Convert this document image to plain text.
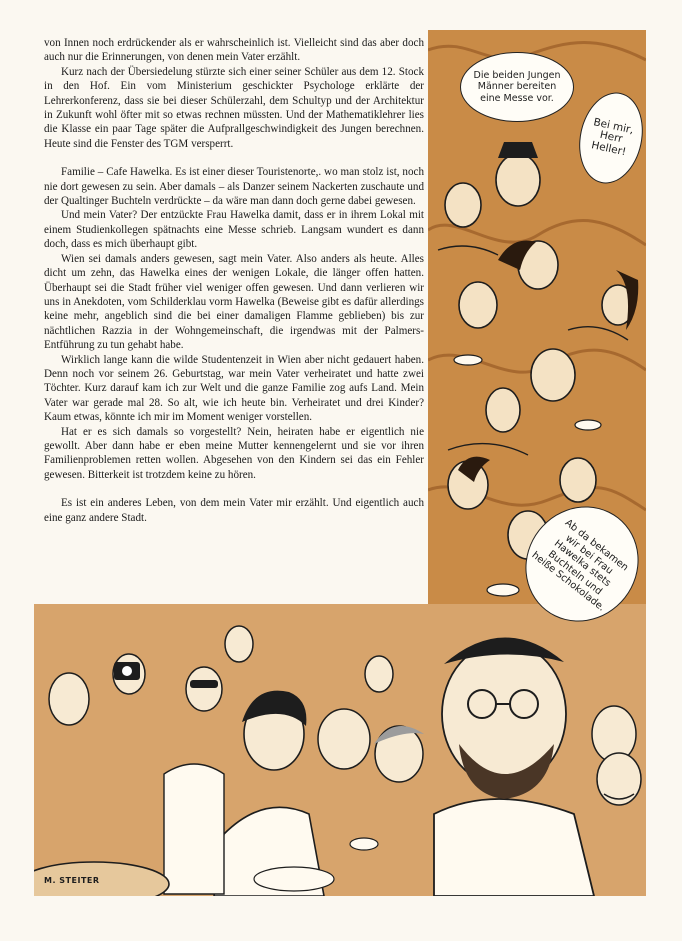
von Innen noch erdrückender als er wahrscheinlich ist. Vielleicht sind das aber doch auch nur die Erinnerungen, von denen mein Vater erzählt.

Kurz nach der Übersiedelung stürzte sich einer seiner Schüler aus dem 12. Stock in den Hof. Ein vom Ministerium geschickter Psychologe erklärte der Lehrerkonferenz, dass sie bei dieser Schülerzahl, dem Schultyp und der Architektur in Zukunft wohl öfter mit so etwas rechnen müssten. Und der Mathematiklehrer lies die Klasse ein paar Tage später die Aufprallgeschwindigkeit des Jungen berechnen. Heute sind die Fenster des TGM versperrt.

Familie – Cafe Hawelka. Es ist einer dieser Touristenorte,. wo man stolz ist, noch nie dort gewesen zu sein. Aber damals – als Danzer seinem Nackerten zuschaute und der Qualtinger Buchteln verdrückte – da wäre man dann doch gerne dabei gewesen.

Und mein Vater? Der entzückte Frau Hawelka damit, dass er in ihrem Lokal mit einem Studienkollegen spätnachts eine Messe schrieb. Langsam wundert es dann doch, dass es mich überhaupt gibt.

Wien sei damals anders gewesen, sagt mein Vater. Also anders als heute. Alles dicht um zehn, das Hawelka eines der wenigen Lokale, die länger offen hatten. Überhaupt sei die Stadt früher viel weniger offen gewesen. Und dann verlieren wir uns in Anekdoten, vom Schilderklau vorm Hawelka (Beweise gibt es dafür allerdings keine mehr, angeblich sind die bei einer damaligen Flamme geblieben) bis zur nächtlichen Razzia in der Wohngemeinschaft, die irgendwas mit der Palmers-Entführung zu tun gehabt habe.

Wirklich lange kann die wilde Studentenzeit in Wien aber nicht gedauert haben. Denn noch vor seinem 26. Geburtstag, war mein Vater verheiratet und hatte zwei Töchter. Kurz darauf kam ich zur Welt und die ganze Familie zog aufs Land. Mein Vater war gerade mal 28. So alt, wie ich heute bin. Verheiratet und drei Kinder? Kaum etwas, könnte ich mir im Moment weniger vorstellen.

Hat er es sich damals so vorgestellt? Nein, heiraten habe er eigentlich nie gewollt. Aber dann habe er eben meine Mutter kennengelernt und sie vor ihren Familienproblemen retten wollen. Abgesehen von den Kindern sei das ein Fehler gewesen. Bitterkeit ist trotzdem keine zu hören.

Es ist ein anderes Leben, von dem mein Vater mir erzählt. Und eigentlich auch eine ganz andere Stadt.

Die beiden Jungen Männer bereiten eine Messe vor.
Bei mir, Herr Heller!
Ab da bekamen wir bei Frau Hawelka stets Buchteln und heiße Schokolade.
M. STEITER
